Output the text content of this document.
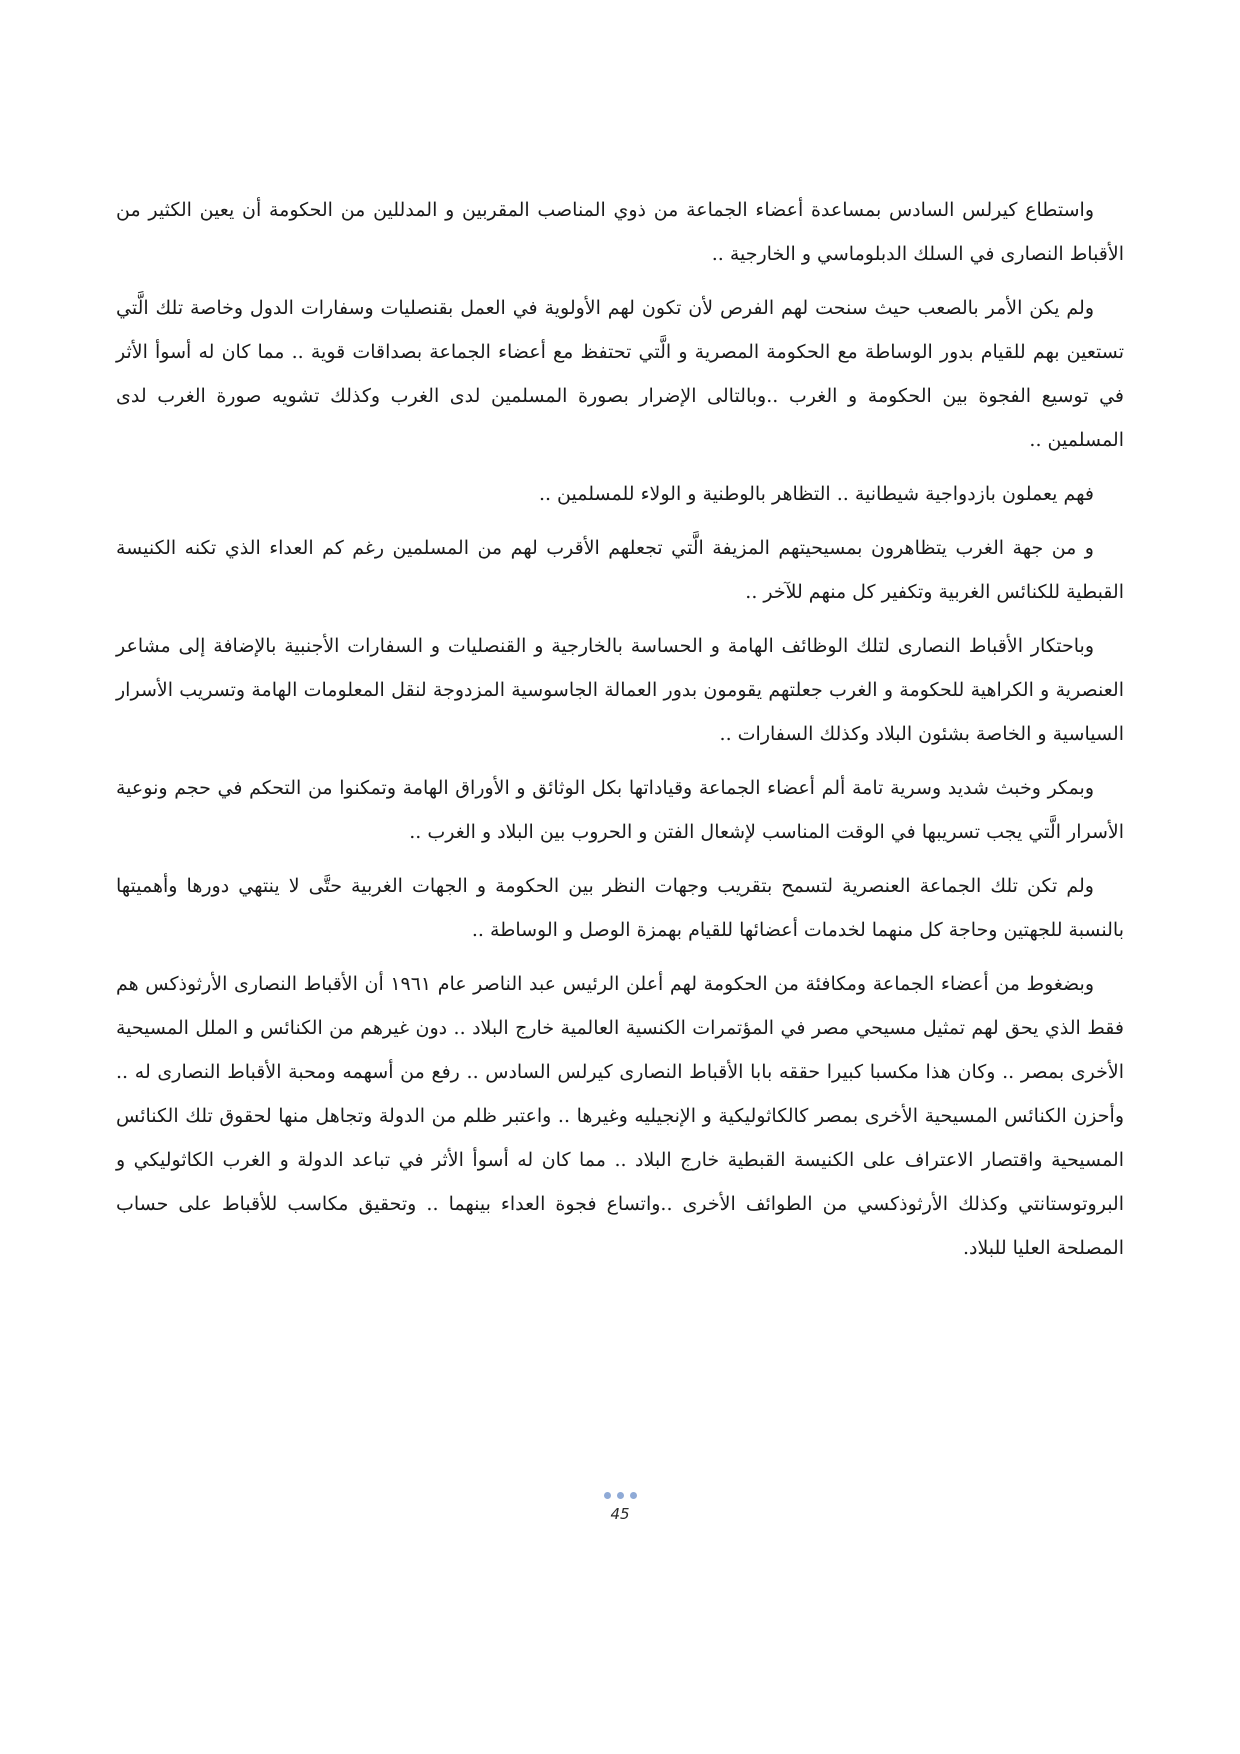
واستطاع كيرلس السادس بمساعدة أعضاء الجماعة من ذوي المناصب المقربين و المدللين من الحكومة أن يعين الكثير من الأقباط النصارى في السلك الدبلوماسي و الخارجية ..

ولم يكن الأمر بالصعب حيث سنحت لهم الفرص لأن تكون لهم الأولوية في العمل بقنصليات وسفارات الدول وخاصة تلك الَّتي تستعين بهم للقيام بدور الوساطة مع الحكومة المصرية و الَّتي تحتفظ مع أعضاء الجماعة بصداقات قوية .. مما كان له أسوأ الأثر في توسيع الفجوة بين الحكومة و الغرب ..وبالتالى الإضرار بصورة المسلمين لدى الغرب وكذلك تشويه صورة الغرب لدى المسلمين ..

فهم يعملون بازدواجية شيطانية .. التظاهر بالوطنية و الولاء للمسلمين ..

و من جهة الغرب يتظاهرون بمسيحيتهم المزيفة الَّتي تجعلهم الأقرب لهم من المسلمين رغم كم العداء الذي تكنه الكنيسة القبطية للكنائس الغربية وتكفير كل منهم للآخر ..

وباحتكار الأقباط النصارى لتلك الوظائف الهامة و الحساسة بالخارجية و القنصليات و السفارات الأجنبية بالإضافة إلى مشاعر العنصرية و الكراهية للحكومة و الغرب جعلتهم يقومون بدور العمالة الجاسوسية المزدوجة لنقل المعلومات الهامة وتسريب الأسرار السياسية و الخاصة بشئون البلاد وكذلك السفارات ..

وبمكر وخبث شديد وسرية تامة ألم أعضاء الجماعة وقياداتها بكل الوثائق و الأوراق الهامة وتمكنوا من التحكم في حجم ونوعية الأسرار الَّتي يجب تسريبها في الوقت المناسب لإشعال الفتن و الحروب بين البلاد و الغرب ..

ولم تكن تلك الجماعة العنصرية لتسمح بتقريب وجهات النظر بين الحكومة و الجهات الغربية حتَّى لا ينتهي دورها وأهميتها بالنسبة للجهتين وحاجة كل منهما لخدمات أعضائها للقيام بهمزة الوصل و الوساطة ..

وبضغوط من أعضاء الجماعة ومكافئة من الحكومة لهم أعلن الرئيس عبد الناصر عام ١٩٦١ أن الأقباط النصارى الأرثوذكس هم فقط الذي يحق لهم تمثيل مسيحي مصر في المؤتمرات الكنسية العالمية خارج البلاد .. دون غيرهم من الكنائس و الملل المسيحية الأخرى بمصر .. وكان هذا مكسبا كبيرا حققه بابا الأقباط النصارى كيرلس السادس .. رفع من أسهمه ومحبة الأقباط النصارى له .. وأحزن الكنائس المسيحية الأخرى بمصر كالكاثوليكية و الإنجيليه وغيرها .. واعتبر ظلم من الدولة وتجاهل منها لحقوق تلك الكنائس المسيحية واقتصار الاعتراف على الكنيسة القبطية خارج البلاد .. مما كان له أسوأ الأثر في تباعد الدولة و الغرب الكاثوليكي و البروتوستانتي وكذلك الأرثوذكسي من الطوائف الأخرى ..واتساع فجوة العداء بينهما .. وتحقيق مكاسب للأقباط على حساب المصلحة العليا للبلاد.

45
